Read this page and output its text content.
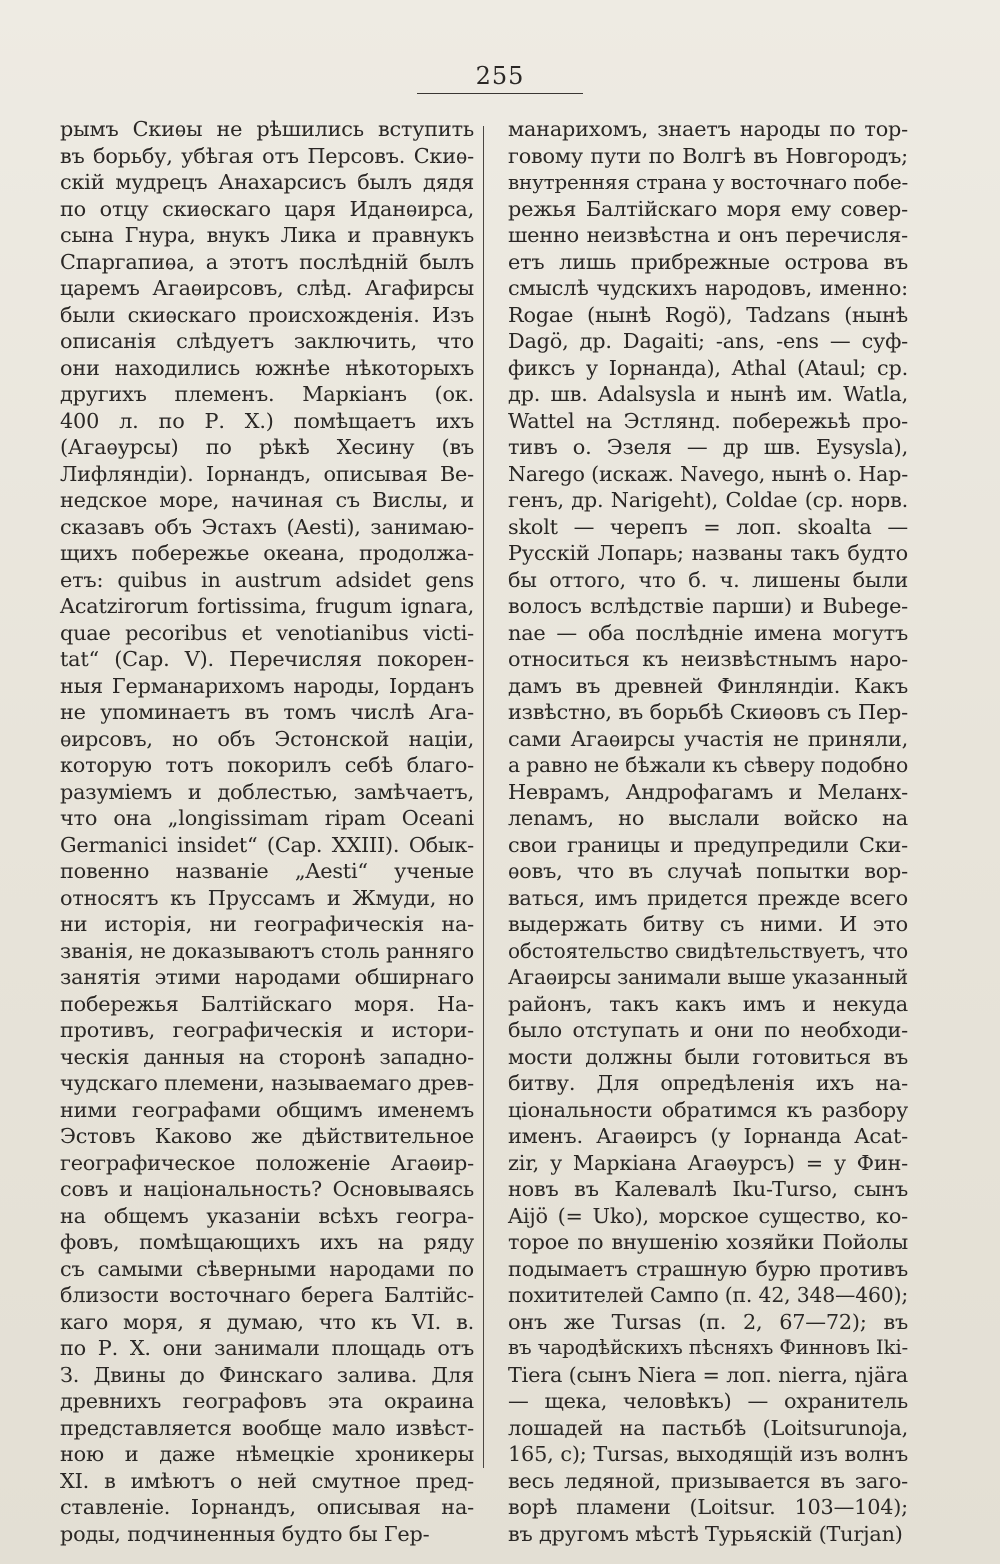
255
рымъ Скиѳы не рѣшились вступить
въ борьбу, убѣгая отъ Персовъ. Скиѳ-
скій мудрецъ Анахарсисъ былъ дядя
по отцу скиѳскаго царя Иданѳирса,
сына Гнура, внукъ Лика и правнукъ
Спаргапиѳа, а этотъ послѣдній былъ
царемъ Агаѳирсовъ, слѣд. Агафирсы
были скиѳскаго происхожденія. Изъ
описанія слѣдуетъ заключить, что
они находились южнѣе нѣкоторыхъ
другихъ племенъ. Маркіанъ (ок.
400 л. по Р. Х.) помѣщаетъ ихъ
(Агаѳурсы) по рѣкѣ Хесину (въ
Лифляндіи). Іорнандъ, описывая Ве-
недское море, начиная съ Вислы, и
сказавъ объ Эстахъ (Aesti), занимаю-
щихъ побережье океана, продолжа-
етъ: quibus in austrum adsidet gens
Acatzirorum fortissima, frugum ignara,
quae pecoribus et venotianibus victi-
tat“ (Cap. V). Перечисляя покорен-
ныя Германарихомъ народы, Іорданъ
не упоминаетъ въ томъ числѣ Ага-
ѳирсовъ, но объ Эстонской націи,
которую тотъ покорилъ себѣ благо-
разуміемъ и доблестью, замѣчаетъ,
что она „longissimam ripam Oceani
Germanici insidet“ (Cap. XXIII). Обык-
повенно названіе „Aesti“ ученые
относятъ къ Пруссамъ и Жмуди, но
ни исторія, ни географическія на-
званія, не доказываютъ столь ранняго
занятія этими народами обширнаго
побережья Балтійскаго моря. На-
противъ, географическія и истори-
ческія данныя на сторонѣ западно-
чудскаго племени, называемаго древ-
ними географами общимъ именемъ
Эстовъ Каково же дѣйствительное
географическое положеніе Агаѳир-
совъ и національность? Основываясь
на общемъ указаніи всѣхъ геогра-
фовъ, помѣщающихъ ихъ на ряду
съ самыми сѣверными народами по
близости восточнаго берега Балтійс-
каго моря, я думаю, что къ VI. в.
по Р. Х. они занимали площадь отъ
З. Двины до Финскаго залива. Для
древнихъ географовъ эта окраина
представляется вообще мало извѣст-
ною и даже нѣмецкіе хроникеры
XI. в имѣютъ о ней смутное пред-
ставленіе. Іорнандъ, описывая на-
роды, подчиненныя будто бы Гер-
манарихомъ, знаетъ народы по тор-
говому пути по Волгѣ въ Новгородъ;
внутренняя страна у восточнаго побе-
режья Балтійскаго моря ему совер-
шенно неизвѣстна и онъ перечисля-
етъ лишь прибрежные острова въ
смыслѣ чудскихъ народовъ, именно:
Rogae (нынѣ Rogö), Tadzans (нынѣ
Dagö, др. Dagaiti; -ans, -ens — суф-
фиксъ у Іорнанда), Athal (Ataul; ср.
др. шв. Adalsysla и нынѣ им. Watla,
Wattel на Эстлянд. побережьѣ про-
тивъ о. Эзеля — др шв. Eysysla),
Narego (искаж. Navego, нынѣ о. Нар-
генъ, др. Narigeht), Coldae (ср. норв.
skolt — черепъ = лоп. skoalta —
Русскій Лопарь; названы такъ будто
бы оттого, что б. ч. лишены были
волосъ вслѣдствіе парши) и Bubege-
nae — оба послѣдніе имена могутъ
относиться къ неизвѣстнымъ наро-
дамъ въ древней Финляндіи. Какъ
извѣстно, въ борьбѣ Скиѳовъ съ Пер-
сами Агаѳирсы участія не приняли,
а равно не бѣжали къ сѣверу подобно
Неврамъ, Андрофагамъ и Меланх-
леnамъ, но выслали войско на
свои границы и предупредили Ски-
ѳовъ, что въ случаѣ попытки вор-
ваться, имъ придется прежде всего
выдержать битву съ ними. И это
обстоятельство свидѣтельствуетъ, что
Агаѳирсы занимали выше указанный
районъ, такъ какъ имъ и некуда
было отступать и они по необходи-
мости должны были готовиться въ
битву. Для опредѣленія ихъ на-
ціональности обратимся къ разбору
именъ. Агаѳирсъ (у Іорнанда Acat-
zir, у Маркіана Агаѳурсъ) = у Фин-
новъ въ Калевалѣ Iku-Turso, сынъ
Aijö (= Uko), морское существо, ко-
торое по внушенію хозяйки Пойолы
подымаетъ страшную бурю противъ
похитителей Сампо (п. 42, 348—460);
онъ же Tursas (п. 2, 67—72); въ
въ чародѣйскихъ пѣсняхъ Финновъ Iki-
Tiera (сынъ Niera = лоп. nierra, njära
— щека, человѣкъ) — охранитель
лошадей на пастьбѣ (Loitsurunoja,
165, c); Tursas, выходящій изъ волнъ
весь ледяной, призывается въ заго-
ворѣ пламени (Loitsur. 103—104);
въ другомъ мѣстѣ Турьяскій (Turjan)
